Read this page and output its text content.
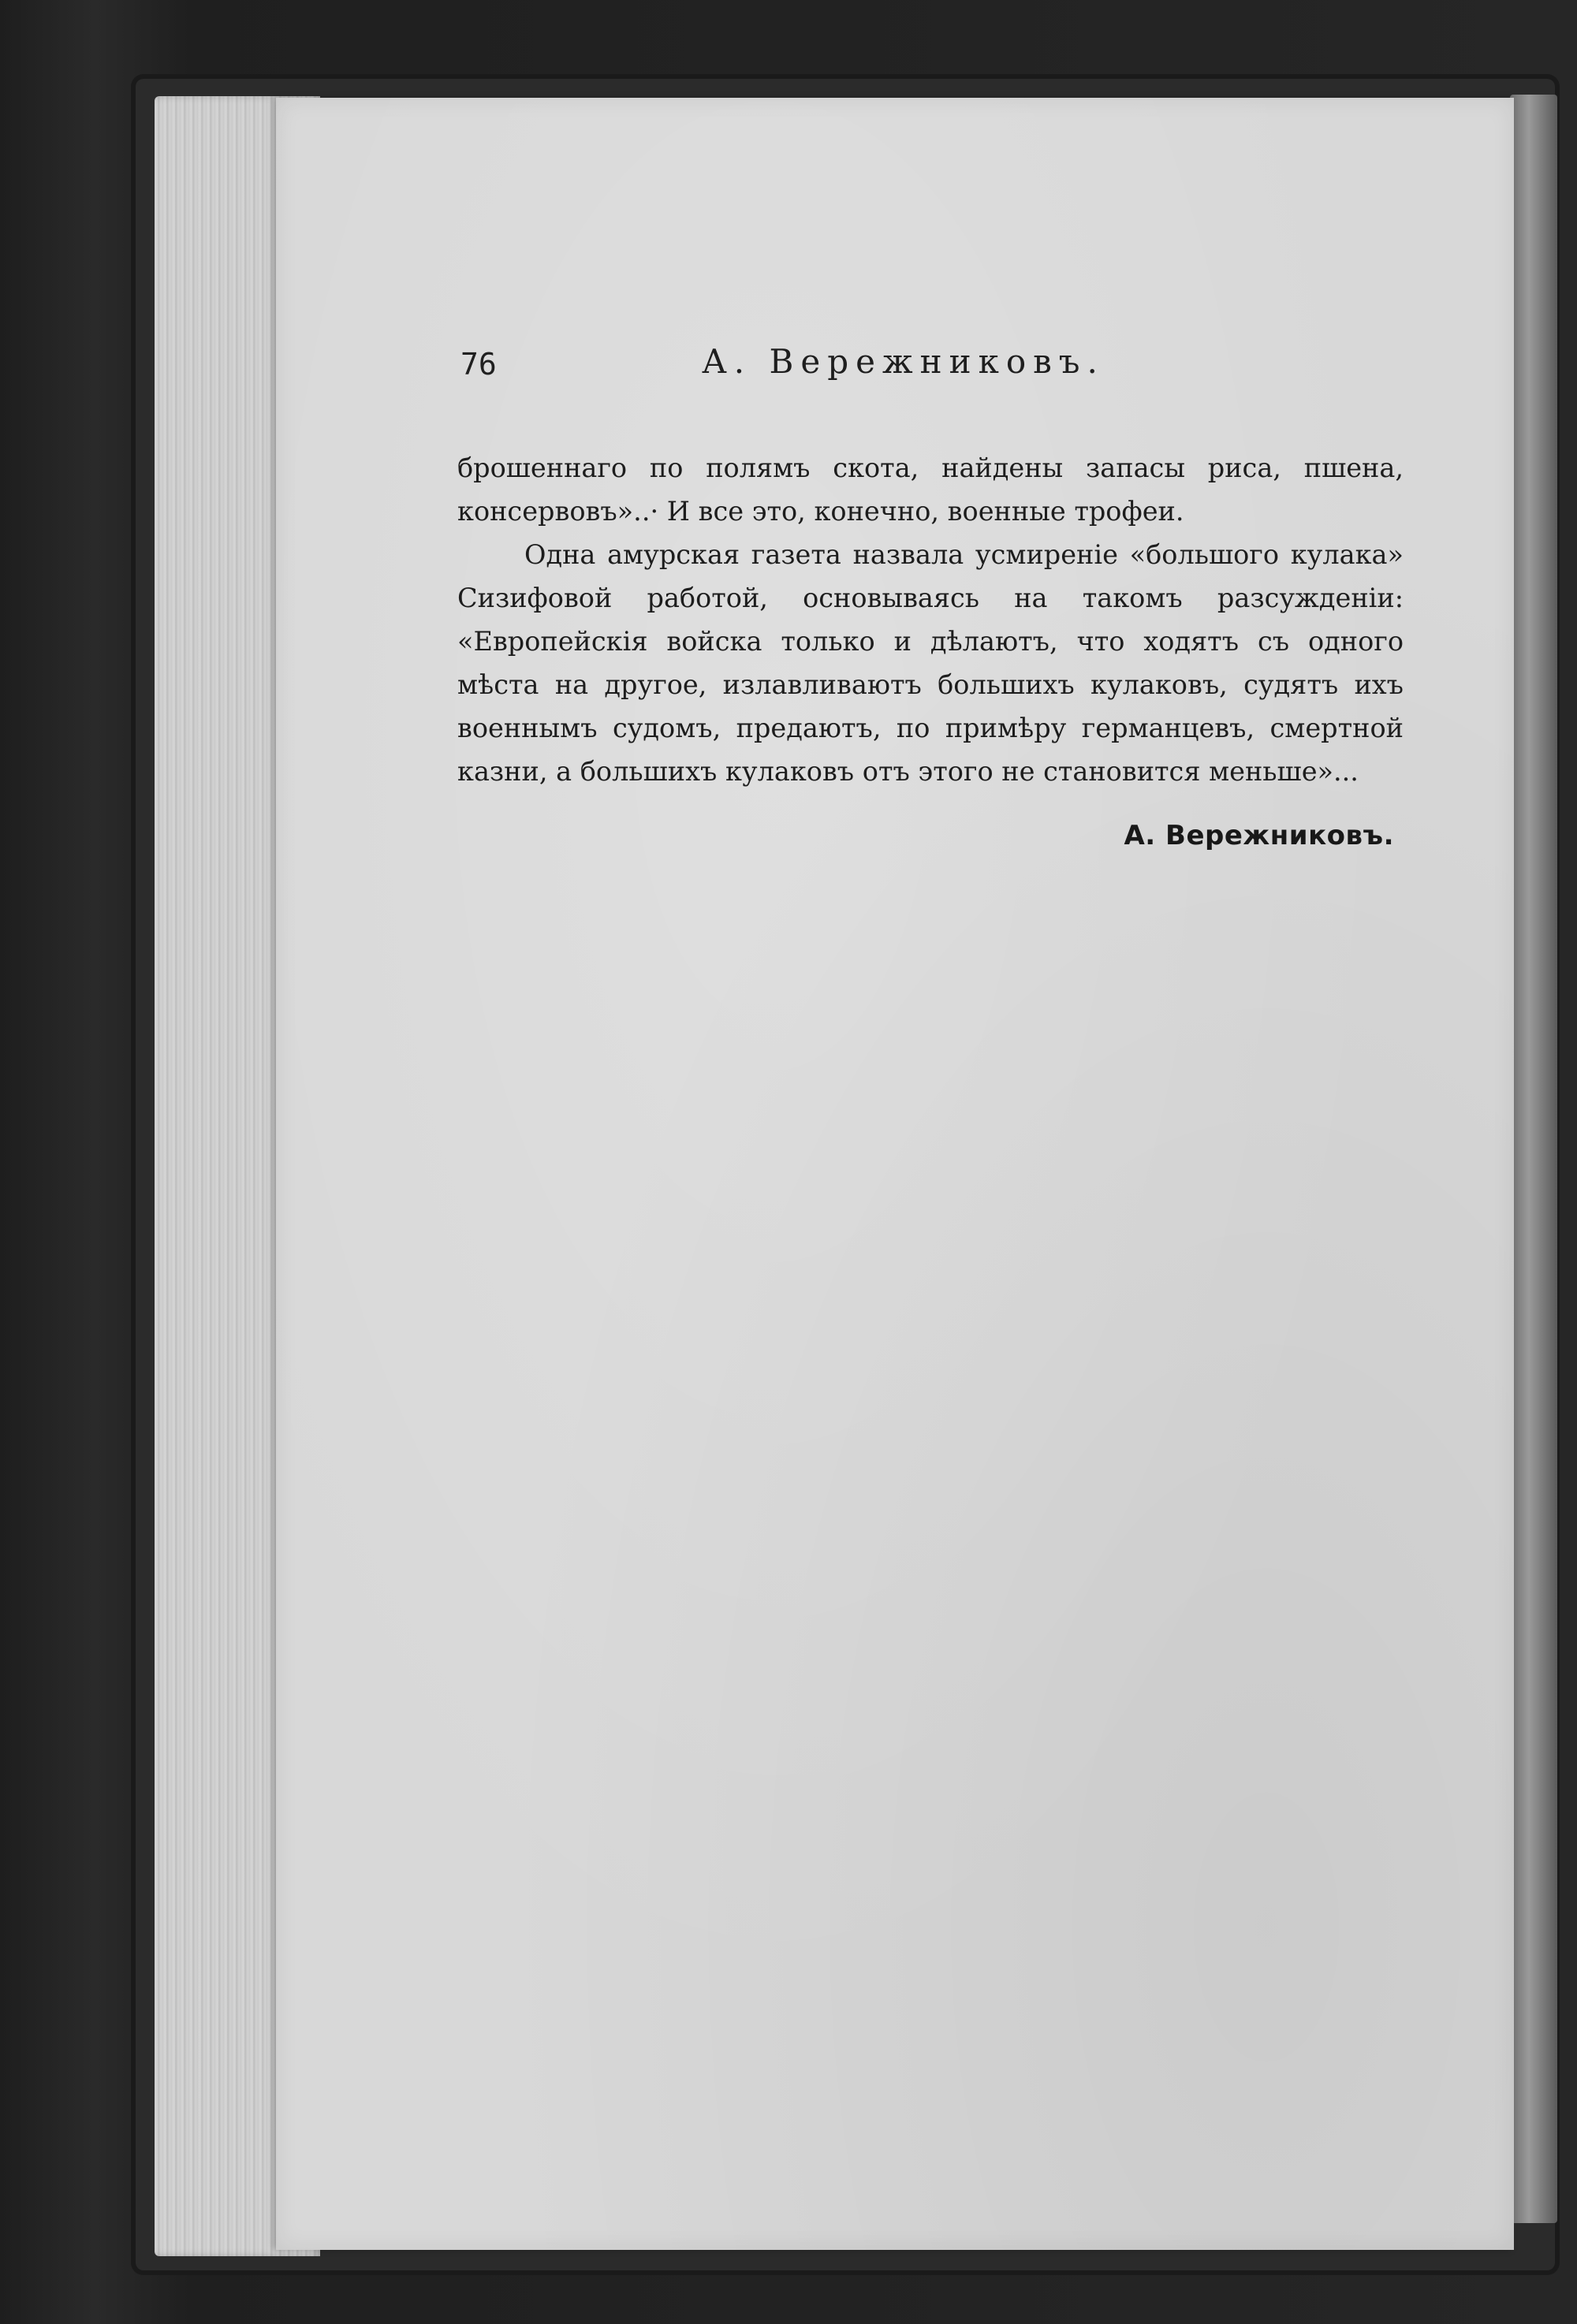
76	А. Вережниковъ.

брошеннаго по полямъ скота, найдены запасы риса, пшена, консервовъ»..· И все это, конечно, военные трофеи.

Одна амурская газета назвала усмиреніе «большого кулака» Сизифовой работой, основываясь на такомъ разсужденіи: «Европейскія войска только и дѣлаютъ, что ходятъ съ одного мѣста на другое, излавливаютъ большихъ кулаковъ, судятъ ихъ военнымъ судомъ, предаютъ, по примѣру германцевъ, смертной казни, а большихъ кулаковъ отъ этого не становится меньше»...

А. Вережниковъ.
